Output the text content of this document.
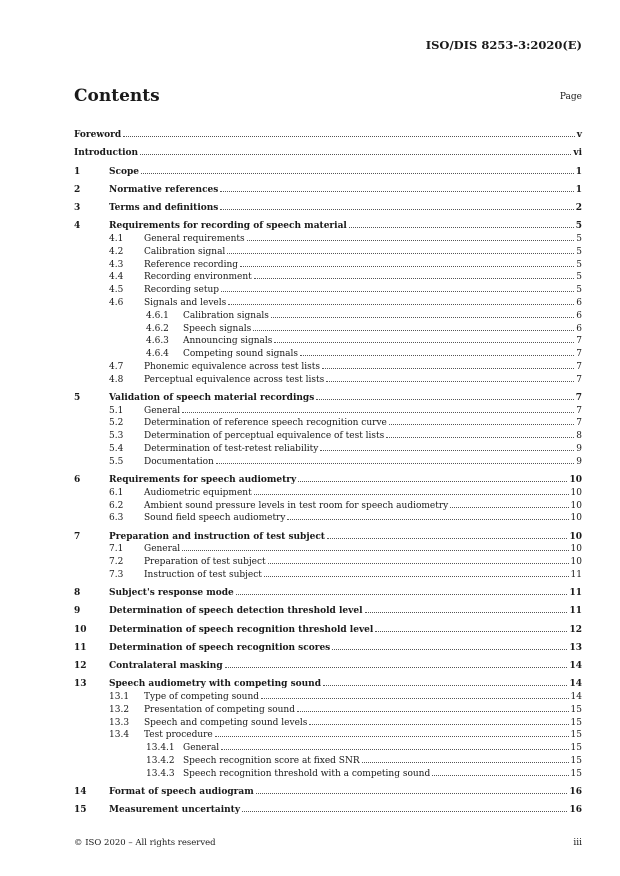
ISO/DIS 8253-3:2020(E)
Contents	Page
Foreword	v
Introduction	vi
1	Scope	1
2	Normative references	1
3	Terms and definitions	2
4	Requirements for recording of speech material	5
4.1	General requirements	5
4.2	Calibration signal	5
4.3	Reference recording	5
4.4	Recording environment	5
4.5	Recording setup	5
4.6	Signals and levels	6
4.6.1	Calibration signals	6
4.6.2	Speech signals	6
4.6.3	Announcing signals	7
4.6.4	Competing sound signals	7
4.7	Phonemic equivalence across test lists	7
4.8	Perceptual equivalence across test lists	7
5	Validation of speech material recordings	7
5.1	General	7
5.2	Determination of reference speech recognition curve	7
5.3	Determination of perceptual equivalence of test lists	8
5.4	Determination of test-retest reliability	9
5.5	Documentation	9
6	Requirements for speech audiometry	10
6.1	Audiometric equipment	10
6.2	Ambient sound pressure levels in test room for speech audiometry	10
6.3	Sound field speech audiometry	10
7	Preparation and instruction of test subject	10
7.1	General	10
7.2	Preparation of test subject	10
7.3	Instruction of test subject	11
8	Subject's response mode	11
9	Determination of speech detection threshold level	11
10	Determination of speech recognition threshold level	12
11	Determination of speech recognition scores	13
12	Contralateral masking	14
13	Speech audiometry with competing sound	14
13.1	Type of competing sound	14
13.2	Presentation of competing sound	15
13.3	Speech and competing sound levels	15
13.4	Test procedure	15
13.4.1 General	15
13.4.2 Speech recognition score at fixed SNR	15
13.4.3 Speech recognition threshold with a competing sound	15
14	Format of speech audiogram	16
15	Measurement uncertainty	16
© ISO 2020 – All rights reserved	iii
